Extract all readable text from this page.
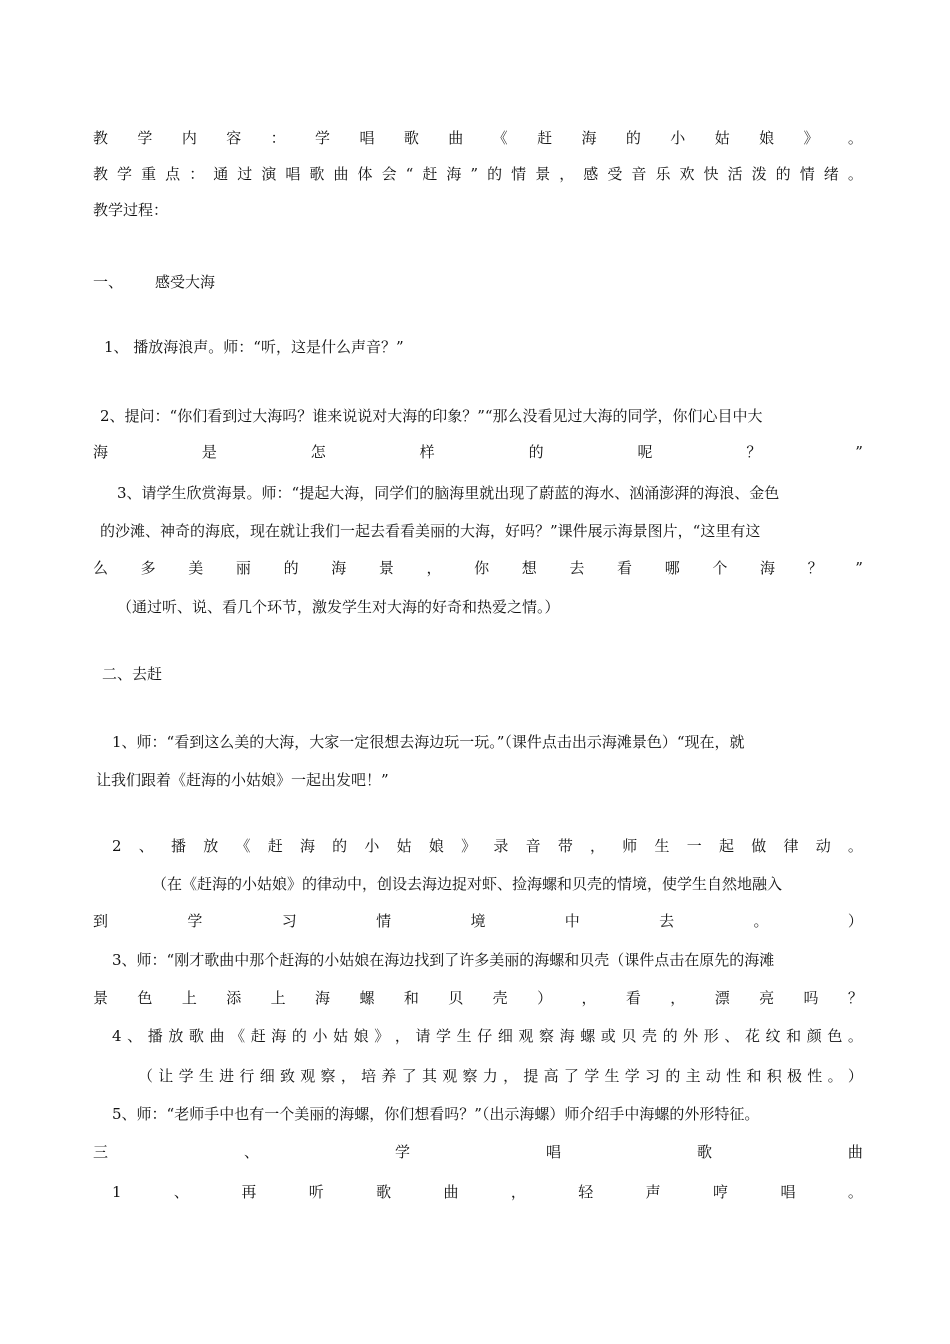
教 学 内 容 ： 学 唱 歌 曲 《 赶 海 的 小 姑 娘 》 。
教 学 重 点 ： 通 过 演 唱 歌 曲 体 会 “ 赶 海 ” 的 情 景 ， 感 受 音 乐 欢 快 活 泼 的 情 绪 。
教学过程：
一、 感受大海
1、 播放海浪声。师：“听，这是什么声音？”
2、提问：“你们看到过大海吗？谁来说说对大海的印象？”“那么没看见过大海的同学，你们心目中大
海	是	怎	样	的	呢	？	”
3、请学生欣赏海景。师：“提起大海，同学们的脑海里就出现了蔚蓝的海水、汹涌澎湃的海浪、金色
的沙滩、神奇的海底，现在就让我们一起去看看美丽的大海，好吗？”课件展示海景图片，“这里有这
么 多 美 丽 的 海 景 ， 你 想 去 看 哪 个 海 ？ ”
（通过听、说、看几个环节，激发学生对大海的好奇和热爱之情。）
二、去赶
1、师：“看到这么美的大海，大家一定很想去海边玩一玩。”（课件点击出示海滩景色）“现在，就
让我们跟着《赶海的小姑娘》一起出发吧！”
2 、 播 放 《 赶 海 的 小 姑 娘 》 录 音 带 ， 师 生 一 起 做 律 动 。
（在《赶海的小姑娘》的律动中，创设去海边捉对虾、捡海螺和贝壳的情境，使学生自然地融入
到	学	习	情	境	中	去	。	）
3、师：“刚才歌曲中那个赶海的小姑娘在海边找到了许多美丽的海螺和贝壳（课件点击在原先的海滩
景 色 上 添 上 海 螺 和 贝 壳 ） ， 看 ， 漂 亮 吗 ？
4 、 播 放 歌 曲 《 赶 海 的 小 姑 娘 》 ， 请 学 生 仔 细 观 察 海 螺 或 贝 壳 的 外 形 、 花 纹 和 颜 色 。
（ 让 学 生 进 行 细 致 观 察 ， 培 养 了 其 观 察 力 ， 提 高 了 学 生 学 习 的 主 动 性 和 积 极 性 。 ）
5、师：“老师手中也有一个美丽的海螺，你们想看吗？”（出示海螺）师介绍手中海螺的外形特征。
三	、	学	唱	歌	曲
1	、	再	听	歌	曲	，	轻	声	哼	唱	。
